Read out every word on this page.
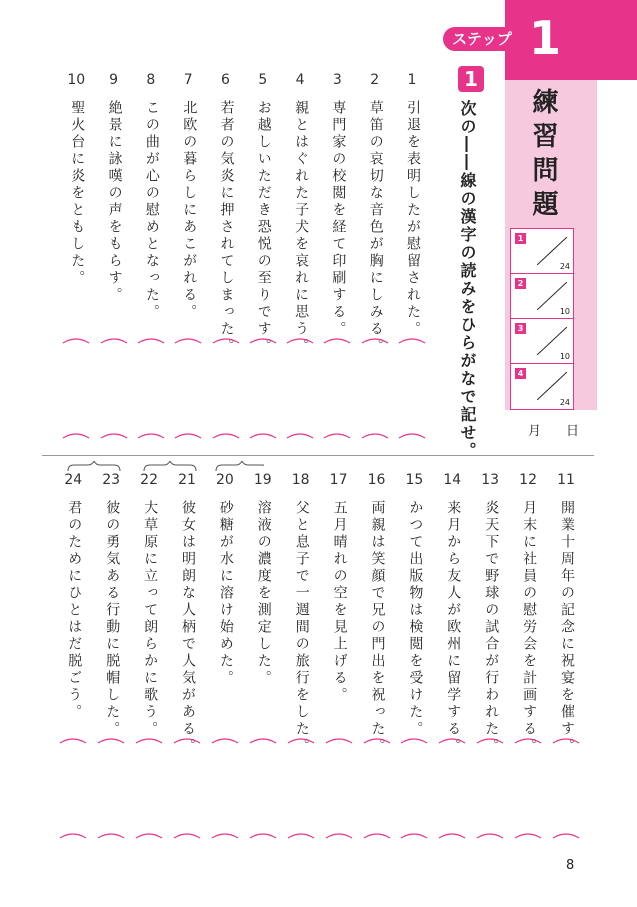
ステップ 1
練習問題
1
24
2
10
3
10
4
24
月 日
1
次の――線の漢字の読みをひらがなで記せ。
1
引退を表明したが慰留された。
2
草笛の哀切な音色が胸にしみる。
3
専門家の校閲を経て印刷する。
4
親とはぐれた子犬を哀れに思う。
5
お越しいただき恐悦の至りです。
6
若者の気炎に押されてしまった。
7
北欧の暮らしにあこがれる。
8
この曲が心の慰めとなった。
9
絶景に詠嘆の声をもらす。
10
聖火台に炎をともした。
11
開業十周年の記念に祝宴を催す。
12
月末に社員の慰労会を計画する。
13
炎天下で野球の試合が行われた。
14
来月から友人が欧州に留学する。
15
かつて出版物は検閲を受けた。
16
両親は笑顔で兄の門出を祝った。
17
五月晴れの空を見上げる。
18
父と息子で一週間の旅行をした。
19
溶液の濃度を測定した。
20
砂糖が水に溶け始めた。
21
彼女は明朗な人柄で人気がある。
22
大草原に立って朗らかに歌う。
23
彼の勇気ある行動に脱帽した。
24
君のためにひとはだ脱ごう。
8
